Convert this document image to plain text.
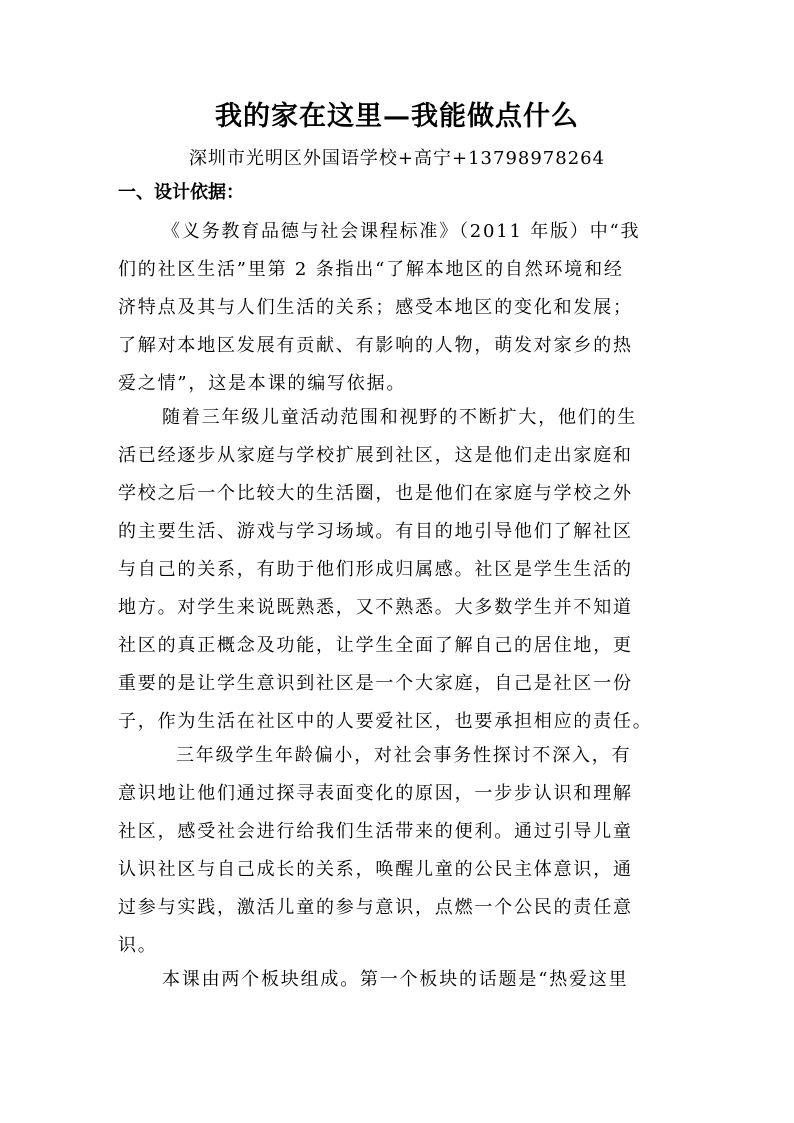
我的家在这里—我能做点什么
深圳市光明区外国语学校+高宁+13798978264
一、设计依据：
《义务教育品德与社会课程标准》（2011 年版）中“我
们的社区生活”里第 2 条指出“了解本地区的自然环境和经
济特点及其与人们生活的关系；感受本地区的变化和发展；
了解对本地区发展有贡献、有影响的人物，萌发对家乡的热
爱之情”，这是本课的编写依据。
随着三年级儿童活动范围和视野的不断扩大，他们的生
活已经逐步从家庭与学校扩展到社区，这是他们走出家庭和
学校之后一个比较大的生活圈，也是他们在家庭与学校之外
的主要生活、游戏与学习场域。有目的地引导他们了解社区
与自己的关系，有助于他们形成归属感。社区是学生生活的
地方。对学生来说既熟悉，又不熟悉。大多数学生并不知道
社区的真正概念及功能，让学生全面了解自己的居住地，更
重要的是让学生意识到社区是一个大家庭，自己是社区一份
子，作为生活在社区中的人要爱社区，也要承担相应的责任。
三年级学生年龄偏小，对社会事务性探讨不深入，有
意识地让他们通过探寻表面变化的原因，一步步认识和理解
社区，感受社会进行给我们生活带来的便利。通过引导儿童
认识社区与自己成长的关系，唤醒儿童的公民主体意识，通
过参与实践，激活儿童的参与意识，点燃一个公民的责任意
识。
本课由两个板块组成。第一个板块的话题是“热爱这里
